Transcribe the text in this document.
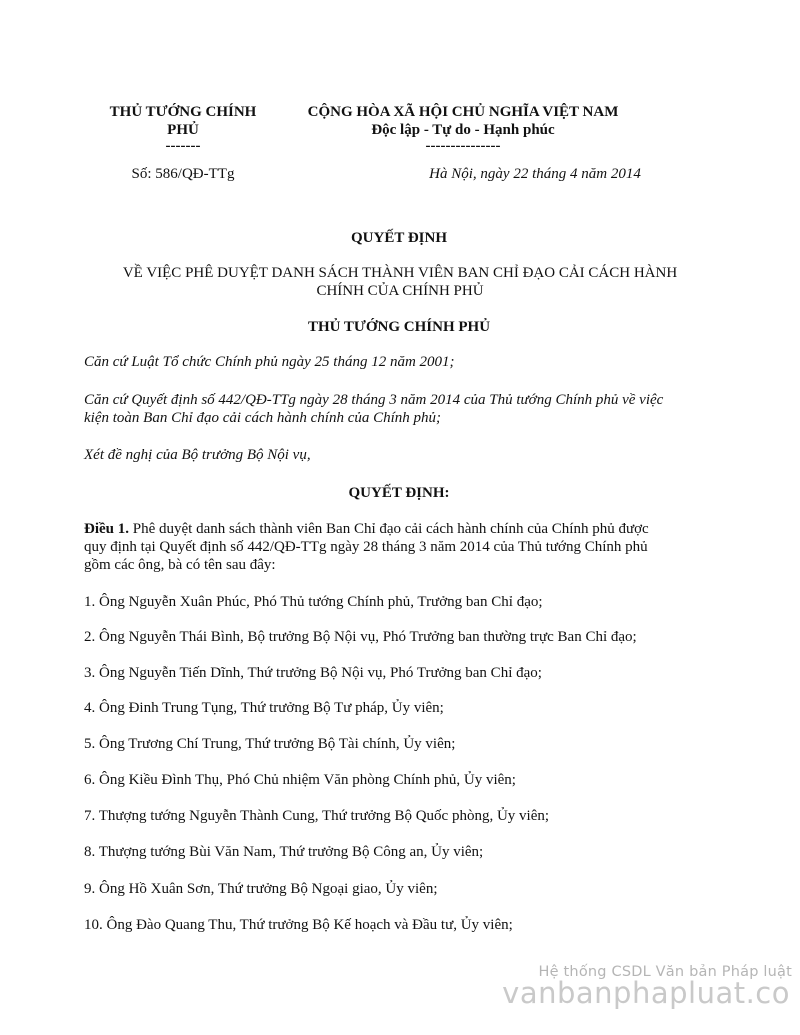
THỦ TƯỚNG CHÍNH
PHỦ
-------
Số: 586/QĐ-TTg
CỘNG HÒA XÃ HỘI CHỦ NGHĨA VIỆT NAM
Độc lập - Tự do - Hạnh phúc
---------------
Hà Nội, ngày 22 tháng 4 năm 2014
QUYẾT ĐỊNH
VỀ VIỆC PHÊ DUYỆT DANH SÁCH THÀNH VIÊN BAN CHỈ ĐẠO CẢI CÁCH HÀNH
CHÍNH CỦA CHÍNH PHỦ
THỦ TƯỚNG CHÍNH PHỦ
Căn cứ Luật Tổ chức Chính phủ ngày 25 tháng 12 năm 2001;
Căn cứ Quyết định số 442/QĐ-TTg ngày 28 tháng 3 năm 2014 của Thủ tướng Chính phủ về việc
kiện toàn Ban Chỉ đạo cải cách hành chính của Chính phủ;
Xét đề nghị của Bộ trưởng Bộ Nội vụ,
QUYẾT ĐỊNH:
Điều 1. Phê duyệt danh sách thành viên Ban Chỉ đạo cải cách hành chính của Chính phủ được
quy định tại Quyết định số 442/QĐ-TTg ngày 28 tháng 3 năm 2014 của Thủ tướng Chính phủ
gồm các ông, bà có tên sau đây:
1. Ông Nguyễn Xuân Phúc, Phó Thủ tướng Chính phủ, Trưởng ban Chỉ đạo;
2. Ông Nguyễn Thái Bình, Bộ trưởng Bộ Nội vụ, Phó Trưởng ban thường trực Ban Chỉ đạo;
3. Ông Nguyễn Tiến Dĩnh, Thứ trưởng Bộ Nội vụ, Phó Trưởng ban Chỉ đạo;
4. Ông Đinh Trung Tụng, Thứ trưởng Bộ Tư pháp, Ủy viên;
5. Ông Trương Chí Trung, Thứ trưởng Bộ Tài chính, Ủy viên;
6. Ông Kiều Đình Thụ, Phó Chủ nhiệm Văn phòng Chính phủ, Ủy viên;
7. Thượng tướng Nguyễn Thành Cung, Thứ trưởng Bộ Quốc phòng, Ủy viên;
8. Thượng tướng Bùi Văn Nam, Thứ trưởng Bộ Công an, Ủy viên;
9. Ông Hồ Xuân Sơn, Thứ trưởng Bộ Ngoại giao, Ủy viên;
10. Ông Đào Quang Thu, Thứ trưởng Bộ Kế hoạch và Đầu tư, Ủy viên;
Hệ thống CSDL Văn bản Pháp luật
vanbanphapluat.co
